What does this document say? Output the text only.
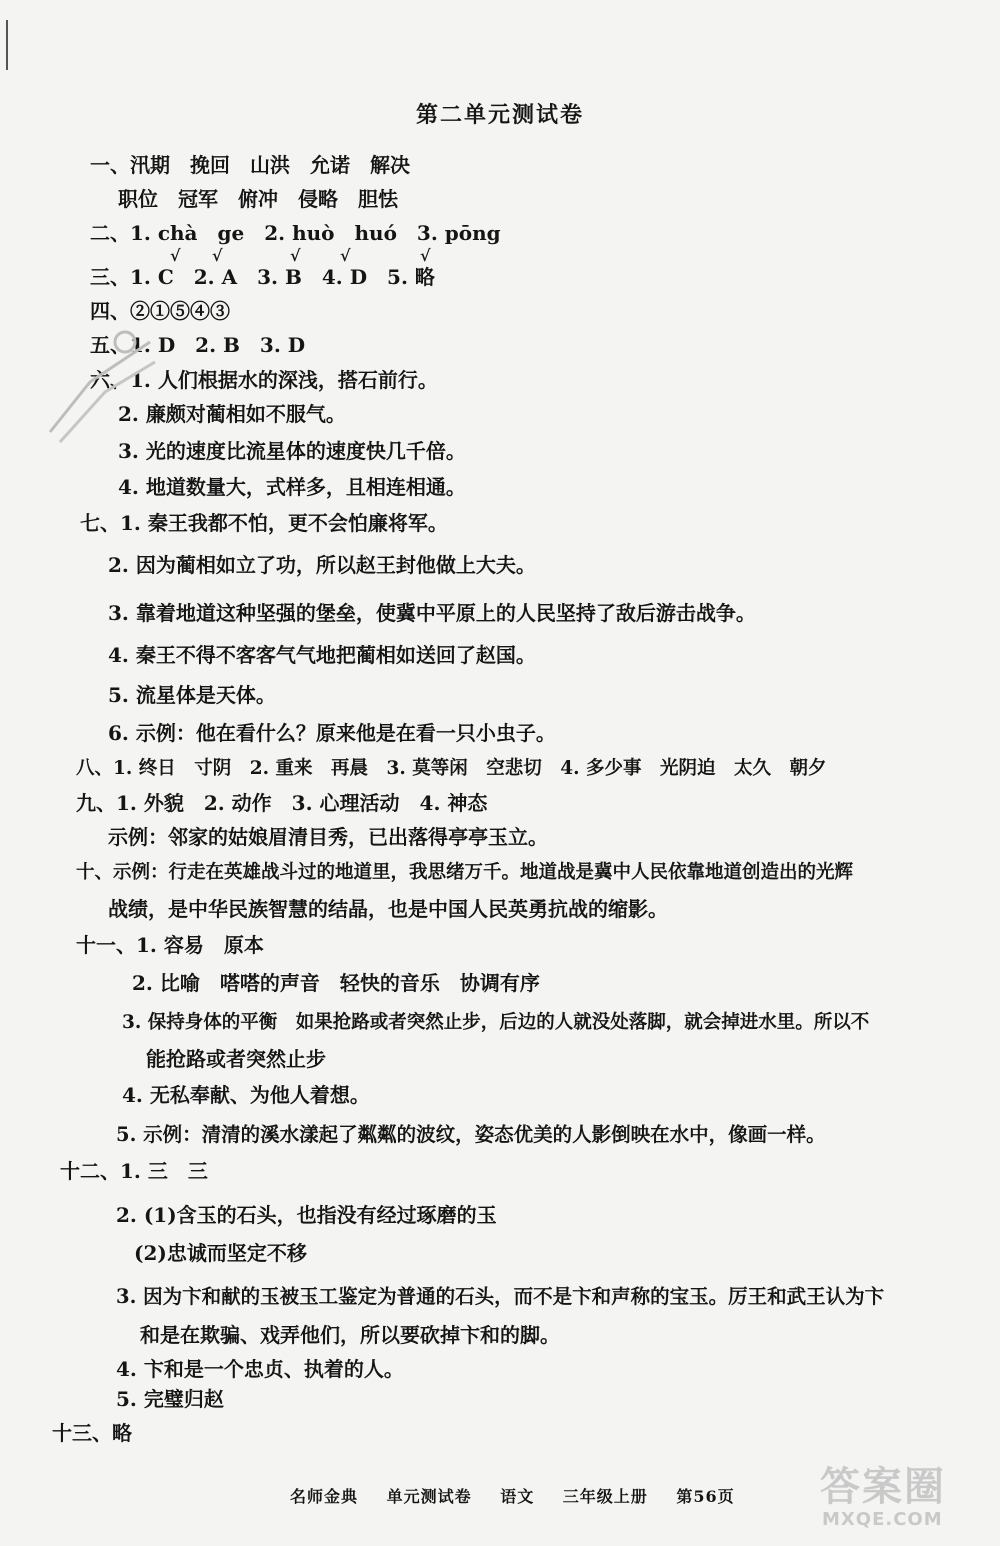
第二单元测试卷
一、汛期　挽回　山洪　允诺　解决
职位　冠军　俯冲　侵略　胆怯
二、1. chà　ge　2. huò　huó　3. pōng
√ √	√ √	√
三、1. C　2. A　3. B　4. D　5. 略
四、②①⑤④③
五、1. D　2. B　3. D
六、1. 人们根据水的深浅，搭石前行。
2. 廉颇对蔺相如不服气。
3. 光的速度比流星体的速度快几千倍。
4. 地道数量大，式样多，且相连相通。
七、1. 秦王我都不怕，更不会怕廉将军。
2. 因为蔺相如立了功，所以赵王封他做上大夫。
3. 靠着地道这种坚强的堡垒，使冀中平原上的人民坚持了敌后游击战争。
4. 秦王不得不客客气气地把蔺相如送回了赵国。
5. 流星体是天体。
6. 示例：他在看什么？原来他是在看一只小虫子。
八、1. 终日　寸阴　2. 重来　再晨　3. 莫等闲　空悲切　4. 多少事　光阴迫　太久　朝夕
九、1. 外貌　2. 动作　3. 心理活动　4. 神态
示例：邻家的姑娘眉清目秀，已出落得亭亭玉立。
十、示例：行走在英雄战斗过的地道里，我思绪万千。地道战是冀中人民依靠地道创造出的光辉
战绩，是中华民族智慧的结晶，也是中国人民英勇抗战的缩影。
十一、1. 容易　原本
2. 比喻　嗒嗒的声音　轻快的音乐　协调有序
3. 保持身体的平衡　如果抢路或者突然止步，后边的人就没处落脚，就会掉进水里。所以不
能抢路或者突然止步
4. 无私奉献、为他人着想。
5. 示例：清清的溪水漾起了粼粼的波纹，姿态优美的人影倒映在水中，像画一样。
十二、1. 三　三
2. (1)含玉的石头，也指没有经过琢磨的玉
(2)忠诚而坚定不移
3. 因为卞和献的玉被玉工鉴定为普通的石头，而不是卞和声称的宝玉。厉王和武王认为卞
和是在欺骗、戏弄他们，所以要砍掉卞和的脚。
4. 卞和是一个忠贞、执着的人。
5. 完璧归赵
十三、略
名师金典 单元测试卷 语文 三年级上册 第56页	答案圈
MXQE.COM
